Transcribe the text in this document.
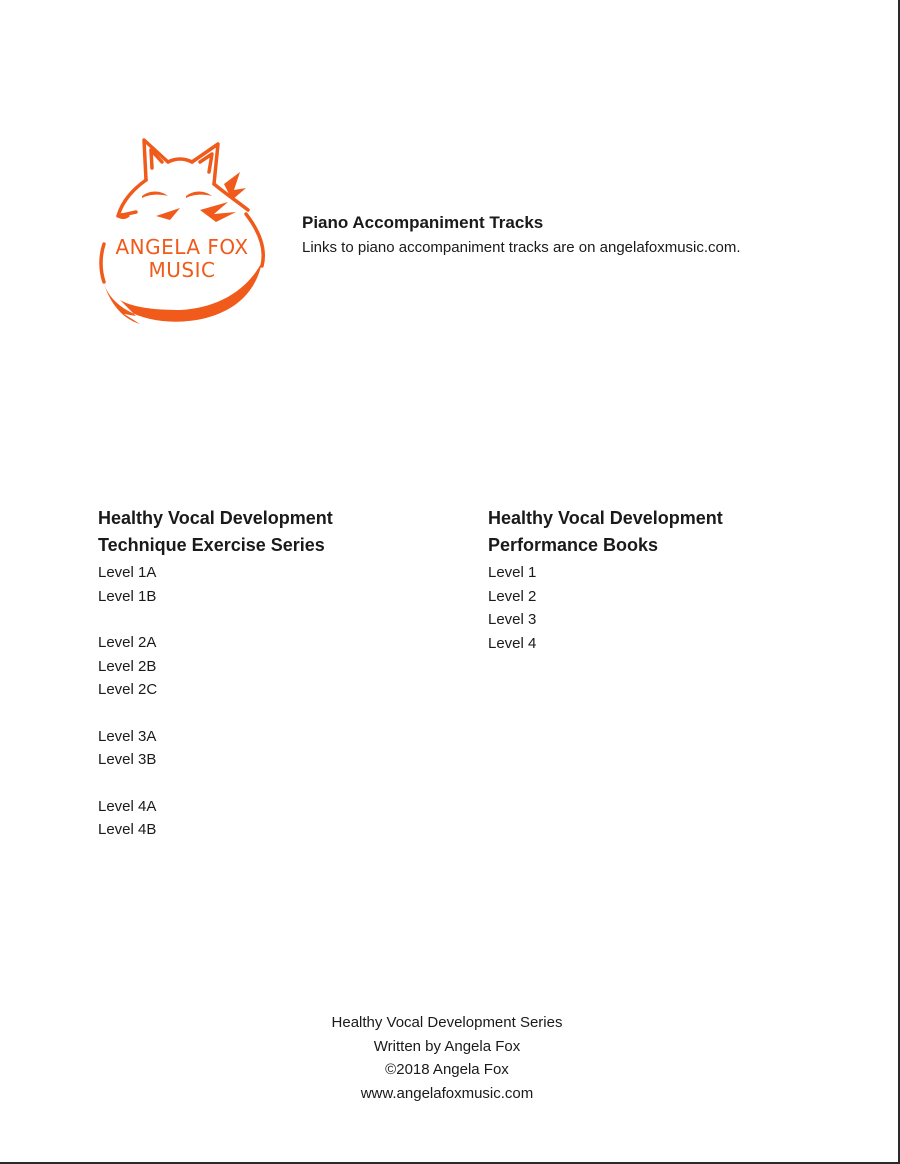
ANGELA FOX
MUSIC

Piano Accompaniment Tracks

Links to piano accompaniment tracks are on angelafoxmusic.com.

Healthy Vocal Development
Technique Exercise Series
Level 1A
Level 1B
Level 2A
Level 2B
Level 2C
Level 3A
Level 3B
Level 4A
Level 4B
Healthy Vocal Development
Performance Books
Level 1
Level 2
Level 3
Level 4
Healthy Vocal Development Series
Written by Angela Fox
©2018 Angela Fox
www.angelafoxmusic.com
